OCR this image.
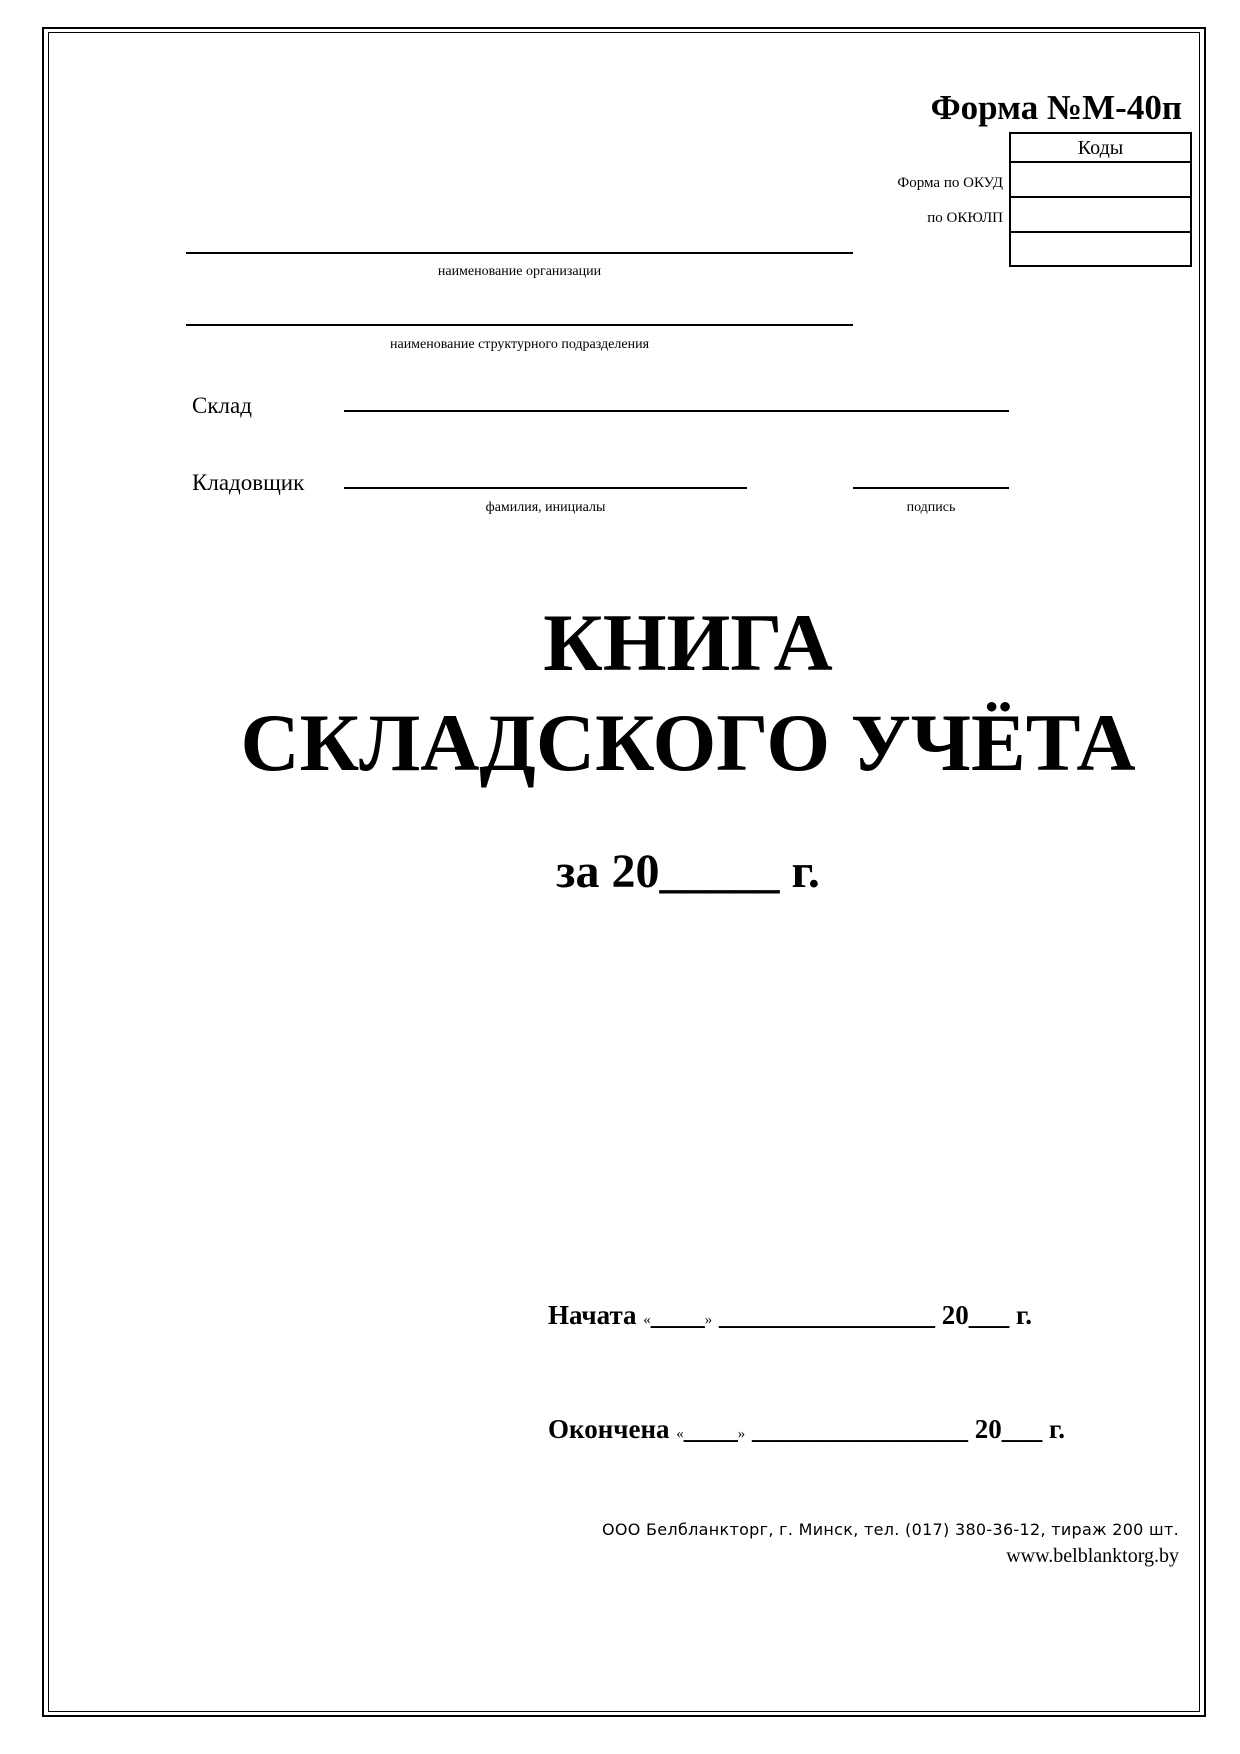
Форма №М-40п
Коды
Форма по ОКУД
по ОКЮЛП
наименование организации
наименование структурного подразделения
Склад
Кладовщик
фамилия, инициалы	подпись
КНИГА
СКЛАДСКОГО УЧЁТА
за 20_____ г.
Начата «____» ________________ 20___ г.
Окончена «____» ________________ 20___ г.
ООО Белбланкторг, г. Минск, тел. (017) 380-36-12, тираж 200 шт.
www.belblanktorg.by
